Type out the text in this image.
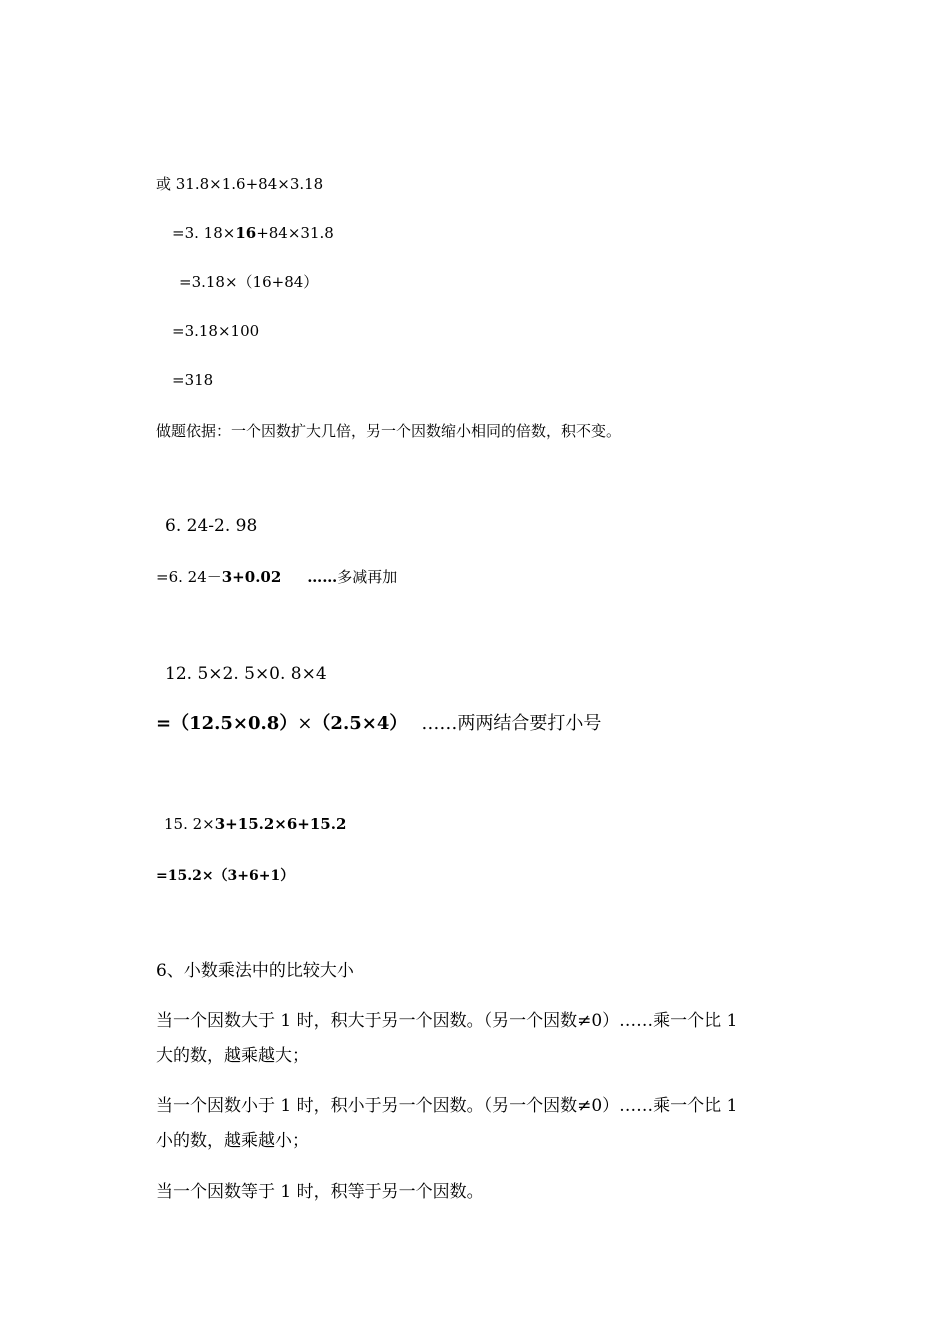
或 31.8×1.6+84×3.18
=3. 18×16+84×31.8
=3.18×（16+84）
=3.18×100
=318
做题依据：一个因数扩大几倍，另一个因数缩小相同的倍数，积不变。
6. 24-2. 98
=6. 24－3+0.02 ……多减再加
12. 5×2. 5×0. 8×4
=（12.5×0.8）×（2.5×4） ……两两结合要打小号
15. 2×3+15.2×6+15.2
=15.2×（3+6+1）
6、小数乘法中的比较大小
当一个因数大于 1 时，积大于另一个因数。（另一个因数≠0）……乘一个比 1
大的数，越乘越大；
当一个因数小于 1 时，积小于另一个因数。（另一个因数≠0）……乘一个比 1
小的数，越乘越小；
当一个因数等于 1 时，积等于另一个因数。
